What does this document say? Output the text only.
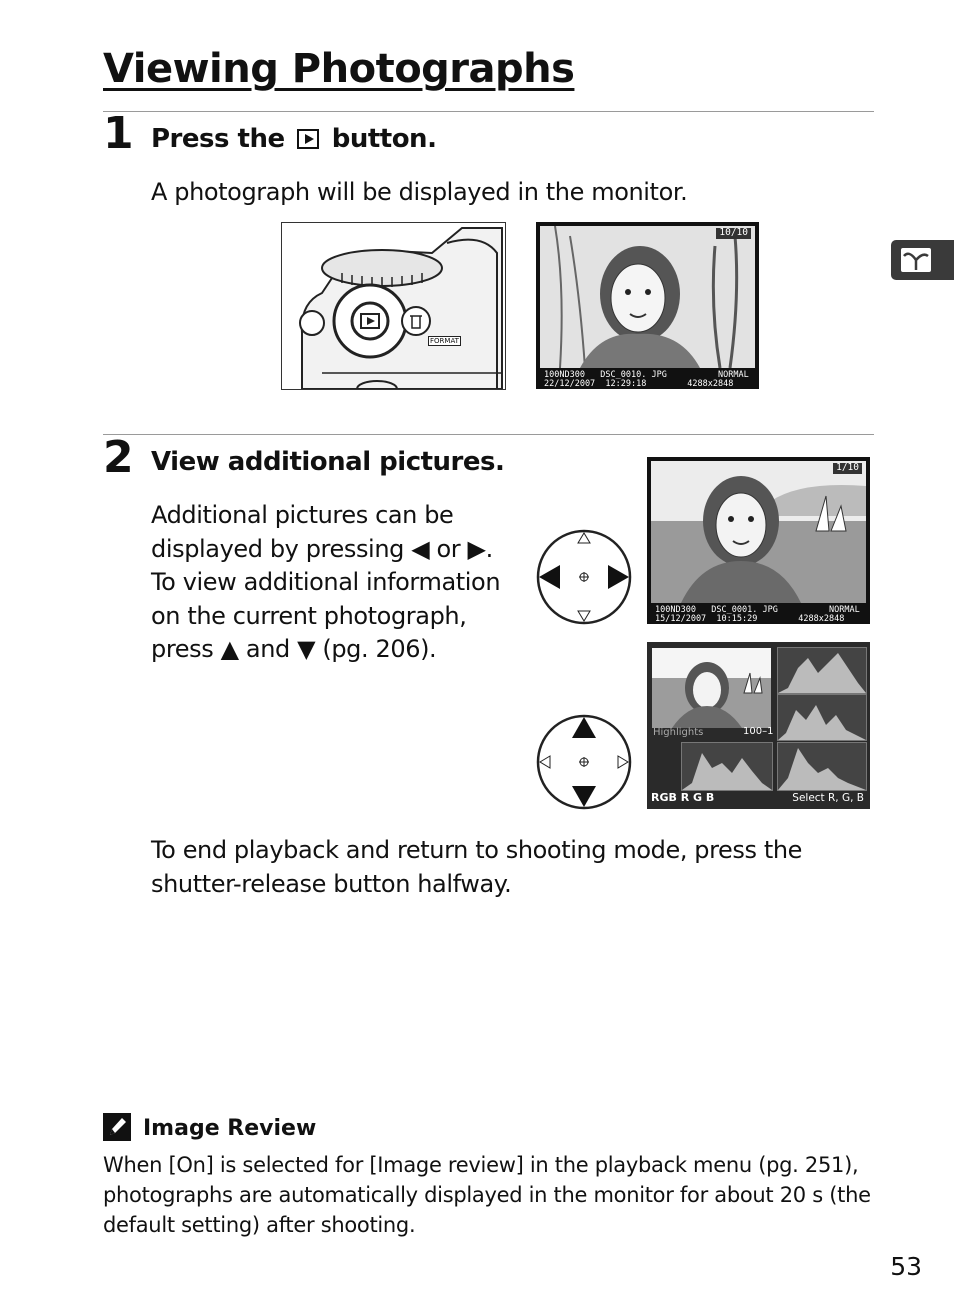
Viewing Photographs
1 Press the button.
A photograph will be displayed in the monitor.
FORMAT
10/10
100ND300   DSC_0010. JPG          NORMAL
22/12/2007  12:29:18        4288x2848
2 View additional pictures.
Additional pictures can be
displayed by pressing ◀ or ▶.
To view additional information
on the current photograph,
press ▲ and ▼ (pg. 206).
1/10
100ND300   DSC_0001. JPG          NORMAL
15/12/2007  10:15:29        4288x2848
Highlights	100–1
RGB R G B	Select R, G, B
To end playback and return to shooting mode, press the shutter-release button halfway.
Image Review
When [On] is selected for [Image review] in the playback menu (pg. 251), photographs are automatically displayed in the monitor for about 20 s (the default setting) after shooting.
53
